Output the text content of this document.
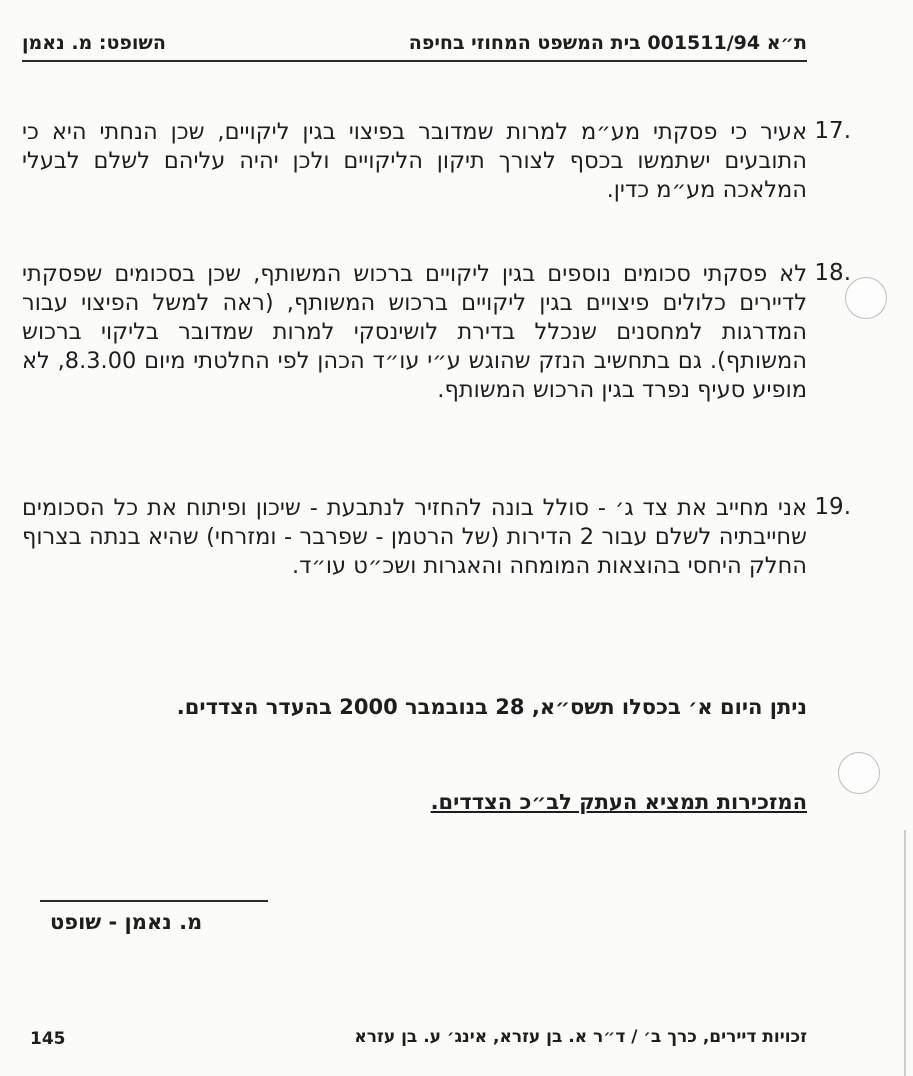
ת״א 001511/94 בית המשפט המחוזי בחיפה
השופט: מ. נאמן
17.
אעיר כי פסקתי מע״מ למרות שמדובר בפיצוי בגין ליקויים, שכן הנחתי היא כי התובעים ישתמשו בכסף לצורך תיקון הליקויים ולכן יהיה עליהם לשלם לבעלי המלאכה מע״מ כדין.
18.
לא פסקתי סכומים נוספים בגין ליקויים ברכוש המשותף, שכן בסכומים שפסקתי לדיירים כלולים פיצויים בגין ליקויים ברכוש המשותף, (ראה למשל הפיצוי עבור המדרגות למחסנים שנכלל בדירת לושינסקי למרות שמדובר בליקוי ברכוש המשותף). גם בתחשיב הנזק שהוגש ע״י עו״ד הכהן לפי החלטתי מיום 8.3.00, לא מופיע סעיף נפרד בגין הרכוש המשותף.
19.
אני מחייב את צד ג׳ - סולל בונה להחזיר לנתבעת - שיכון ופיתוח את כל הסכומים שחייבתיה לשלם עבור 2 הדירות (של הרטמן - שפרבר - ומזרחי) שהיא בנתה בצרוף החלק היחסי בהוצאות המומחה והאגרות ושכ״ט עו״ד.
ניתן היום א׳ בכסלו תשס״א, 28 בנובמבר 2000 בהעדר הצדדים.
המזכירות תמציא העתק לב״כ הצדדים.
מ. נאמן - שופט
145	זכויות דיירים, כרך ב׳ / ד״ר א. בן עזרא, אינג׳ ע. בן עזרא
